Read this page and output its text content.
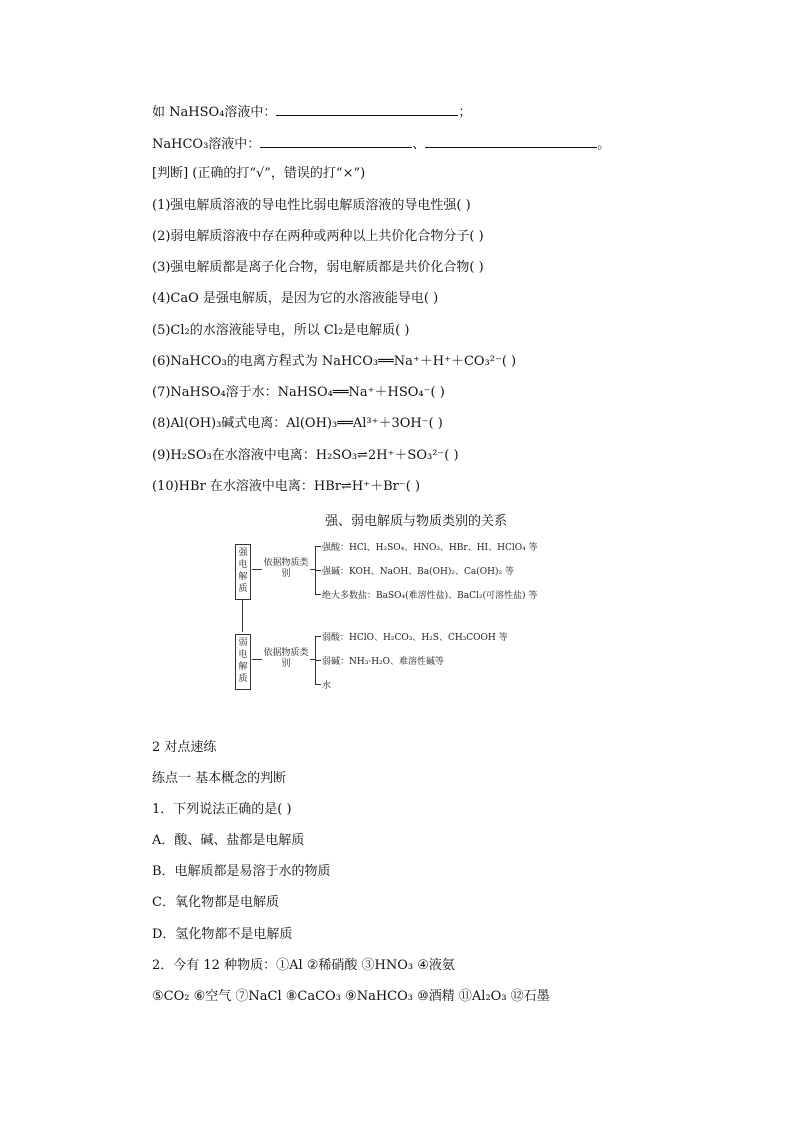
如 NaHSO₄溶液中：	；
NaHCO₃溶液中：	、	。
[判断] (正确的打“√”，错误的打“×”)
(1)强电解质溶液的导电性比弱电解质溶液的导电性强( )
(2)弱电解质溶液中存在两种或两种以上共价化合物分子( )
(3)强电解质都是离子化合物，弱电解质都是共价化合物( )
(4)CaO 是强电解质，是因为它的水溶液能导电( )
(5)Cl₂的水溶液能导电，所以 Cl₂是电解质( )
(6)NaHCO₃的电离方程式为 NaHCO₃══Na⁺＋H⁺＋CO₃²⁻( )
(7)NaHSO₄溶于水：NaHSO₄══Na⁺＋HSO₄⁻( )
(8)Al(OH)₃碱式电离：Al(OH)₃══Al³⁺＋3OH⁻( )
(9)H₂SO₃在水溶液中电离：H₂SO₃⇌2H⁺＋SO₃²⁻( )
(10)HBr 在水溶液中电离：HBr⇌H⁺＋Br⁻( )
强、弱电解质与物质类别的关系
强电解质
依据物质类别
强酸：HCl、H₂SO₄、HNO₃、HBr、HI、HClO₄ 等
强碱：KOH、NaOH、Ba(OH)₂、Ca(OH)₂ 等
绝大多数盐：BaSO₄(难溶性盐)、BaCl₂(可溶性盐) 等
弱电解质
依据物质类别
弱酸：HClO、H₂CO₃、H₂S、CH₃COOH 等
弱碱：NH₃·H₂O、难溶性碱等
水
2 对点速练
练点一 基本概念的判断
1．下列说法正确的是( )
A．酸、碱、盐都是电解质
B．电解质都是易溶于水的物质
C．氧化物都是电解质
D．氢化物都不是电解质
2．今有 12 种物质：①Al ②稀硝酸 ③HNO₃ ④液氨
⑤CO₂ ⑥空气 ⑦NaCl ⑧CaCO₃ ⑨NaHCO₃ ⑩酒精 ⑪Al₂O₃ ⑫石墨
